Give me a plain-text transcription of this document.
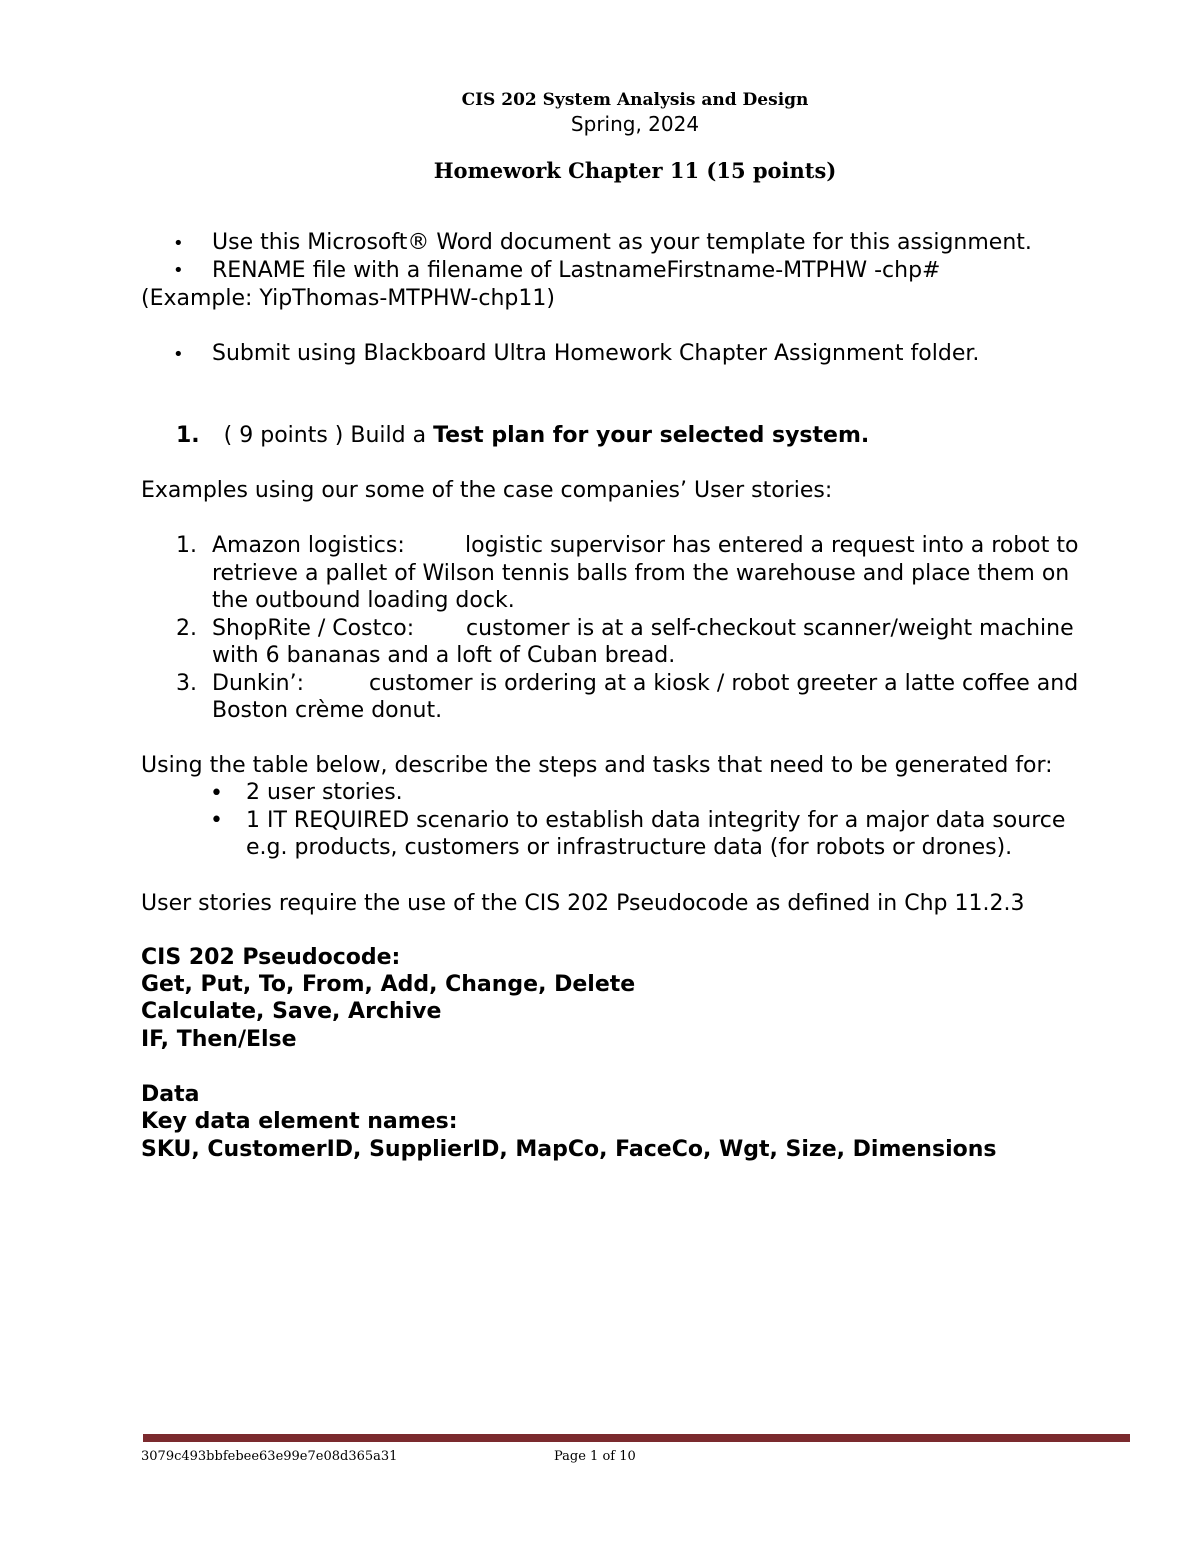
CIS 202 System Analysis and Design
Spring, 2024
Homework Chapter 11 (15 points)
• Use this Microsoft® Word document as your template for this assignment.
• RENAME file with a filename of LastnameFirstname-MTPHW -chp#
(Example: YipThomas-MTPHW-chp11)
• Submit using Blackboard Ultra Homework Chapter Assignment folder.
1. ( 9 points ) Build a Test plan for your selected system.
Examples using our some of the case companies’ User stories:
1. Amazon logistics:	logistic supervisor has entered a request into a robot to
retrieve a pallet of Wilson tennis balls from the warehouse and place them on
the outbound loading dock.
2. ShopRite / Costco: customer is at a self-checkout scanner/weight machine
with 6 bananas and a loft of Cuban bread.
3. Dunkin’:	customer is ordering at a kiosk / robot greeter a latte coffee and
Boston crème donut.
Using the table below, describe the steps and tasks that need to be generated for:
• 2 user stories.
• 1 IT REQUIRED scenario to establish data integrity for a major data source
e.g. products, customers or infrastructure data (for robots or drones).
User stories require the use of the CIS 202 Pseudocode as defined in Chp 11.2.3
CIS 202 Pseudocode:
Get, Put, To, From, Add, Change, Delete
Calculate, Save, Archive
IF, Then/Else
Data
Key data element names:
SKU, CustomerID, SupplierID, MapCo, FaceCo, Wgt, Size, Dimensions
3079c493bbfebee63e99e7e08d365a31	Page 1 of 10
